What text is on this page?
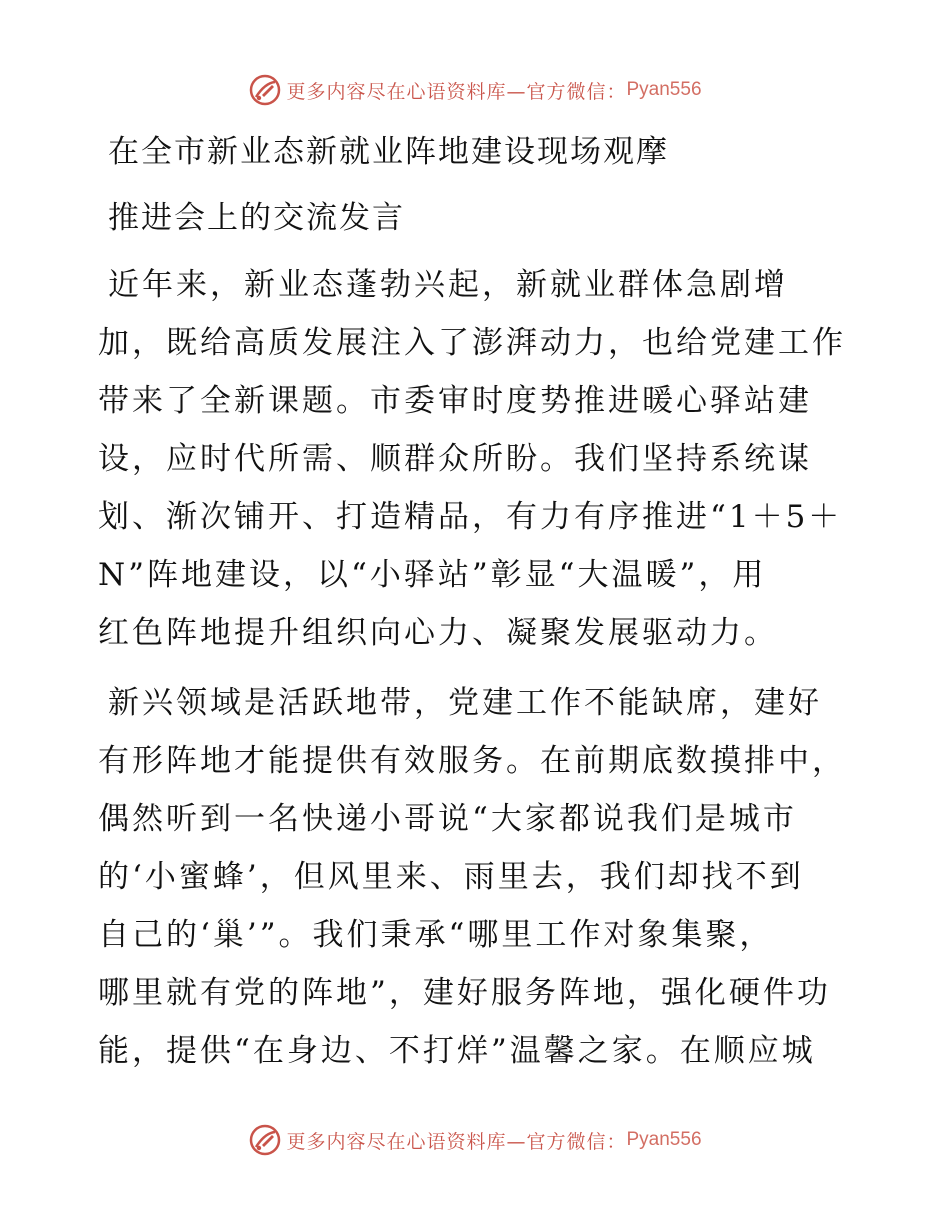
更多内容尽在心语资料库—官方微信： Pyan556
在全市新业态新就业阵地建设现场观摩
推进会上的交流发言

近年来，新业态蓬勃兴起，新就业群体急剧增
加，既给高质发展注入了澎湃动力，也给党建工作
带来了全新课题。市委审时度势推进暖心驿站建
设，应时代所需、顺群众所盼。我们坚持系统谋
划、渐次铺开、打造精品，有力有序推进“1＋5＋
N”阵地建设，以“小驿站”彰显“大温暖”，用
红色阵地提升组织向心力、凝聚发展驱动力。

新兴领域是活跃地带，党建工作不能缺席，建好
有形阵地才能提供有效服务。在前期底数摸排中，
偶然听到一名快递小哥说“大家都说我们是城市
的‘小蜜蜂’，但风里来、雨里去，我们却找不到
自己的‘巢’”。我们秉承“哪里工作对象集聚，
哪里就有党的阵地”，建好服务阵地，强化硬件功
能，提供“在身边、不打烊”温馨之家。在顺应城

更多内容尽在心语资料库—官方微信： Pyan556
